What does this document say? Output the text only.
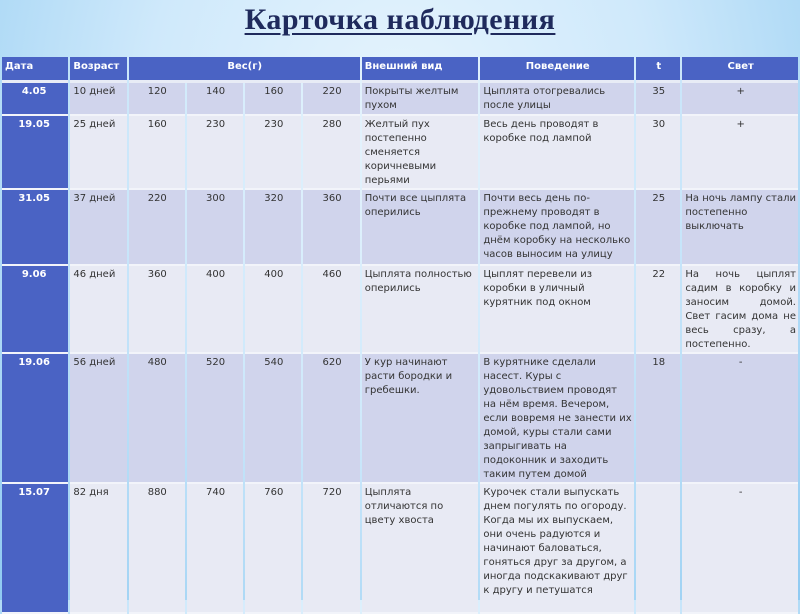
Карточка наблюдения
Дата	Возраст	Вес(г)				Внешний вид	Поведение	t	Свет
4.05	10 дней	120	140	160	220	Покрыты желтым пухом	Цыплята отогревались после улицы	35	+
19.05	25 дней	160	230	230	280	Желтый пух постепенно сменяется коричневыми перьями	Весь день проводят в коробке под лампой	30	+
31.05	37 дней	220	300	320	360	Почти все цыплята оперились	Почти весь день по-прежнему проводят в коробке под лампой, но днём коробку на несколько часов выносим на улицу	25	На ночь лампу стали постепенно выключать
9.06	46 дней	360	400	400	460	Цыплята полностью оперились	Цыплят перевели из коробки в уличный курятник под окном	22	На ночь цыплят садим в коробку и заносим домой. Свет гасим дома не весь сразу, а постепенно.
19.06	56 дней	480	520	540	620	У кур начинают расти бородки и гребешки.	В курятнике сделали насест. Куры с удовольствием проводят на нём время. Вечером, если вовремя не занести их домой, куры стали сами запрыгивать на подоконник и заходить таким путем домой	18	-
15.07	82 дня	880	740	760	720	Цыплята отличаются по цвету хвоста	Курочек стали выпускать днем погулять по огороду. Когда мы их выпускаем, они очень радуются и начинают баловаться, гоняться друг за другом, а иногда подскакивают друг к другу и петушатся		-
